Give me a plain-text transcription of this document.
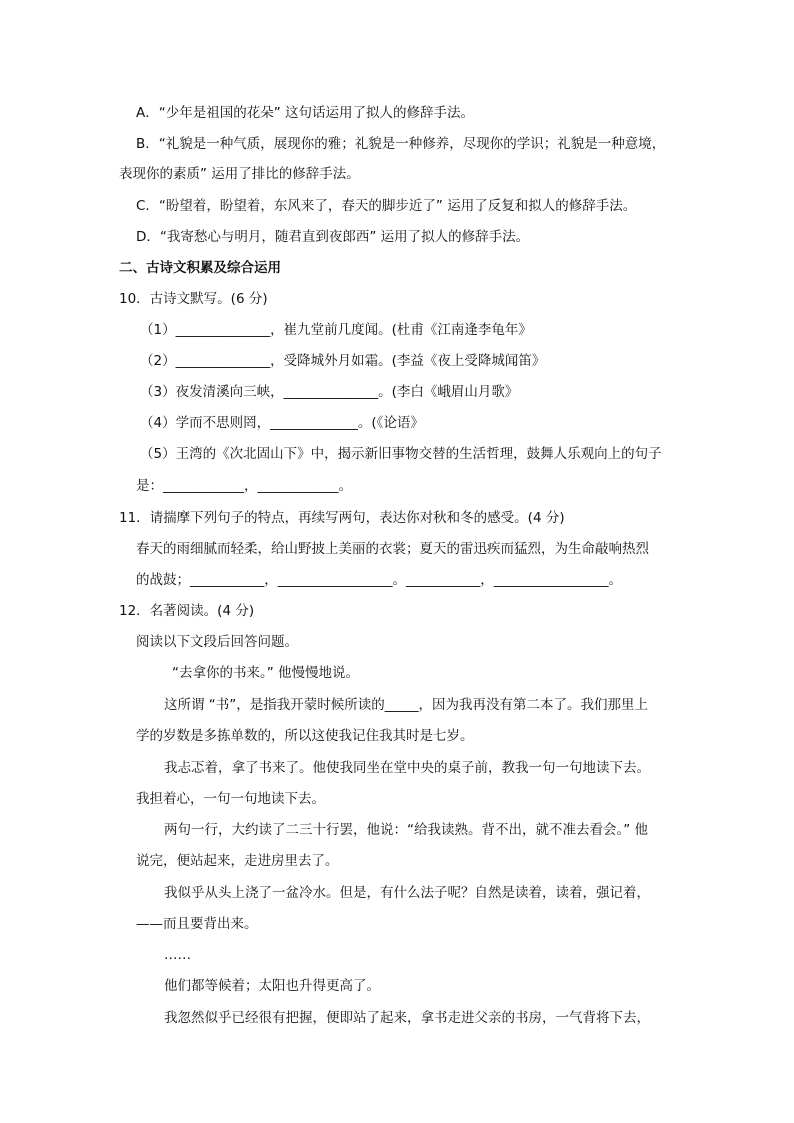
A．“少年是祖国的花朵” 这句话运用了拟人的修辞手法。
B．“礼貌是一种气质，展现你的雅；礼貌是一种修养，尽现你的学识；礼貌是一种意境，
表现你的素质” 运用了排比的修辞手法。
C．“盼望着，盼望着，东风来了，春天的脚步近了” 运用了反复和拟人的修辞手法。
D．“我寄愁心与明月，随君直到夜郎西” 运用了拟人的修辞手法。
二、古诗文积累及综合运用
10．古诗文默写。(6 分)
（1）______________，崔九堂前几度闻。(杜甫《江南逢李龟年》
（2）______________，受降城外月如霜。(李益《夜上受降城闻笛》
（3）夜发清溪向三峡，______________。(李白《峨眉山月歌》
（4）学而不思则罔，_____________。(《论语》
（5）王湾的《次北固山下》中，揭示新旧事物交替的生活哲理，鼓舞人乐观向上的句子
是：____________，____________。
11．请揣摩下列句子的特点，再续写两句，表达你对秋和冬的感受。(4 分)
春天的雨细腻而轻柔，给山野披上美丽的衣裳；夏天的雷迅疾而猛烈，为生命敲响热烈
的战鼓；___________，_________________。___________，_________________。
12．名著阅读。(4 分)
阅读以下文段后回答问题。
“去拿你的书来。” 他慢慢地说。
这所谓 “书”，是指我开蒙时候所读的_____，因为我再没有第二本了。我们那里上
学的岁数是多拣单数的，所以这使我记住我其时是七岁。
我忐忑着，拿了书来了。他使我同坐在堂中央的桌子前，教我一句一句地读下去。
我担着心，一句一句地读下去。
两句一行，大约读了二三十行罢，他说：“给我读熟。背不出，就不准去看会。” 他
说完，便站起来，走进房里去了。
我似乎从头上浇了一盆冷水。但是，有什么法子呢？自然是读着，读着，强记着，
——而且要背出来。
……
他们都等候着；太阳也升得更高了。
我忽然似乎已经很有把握，便即站了起来，拿书走进父亲的书房，一气背将下去，
